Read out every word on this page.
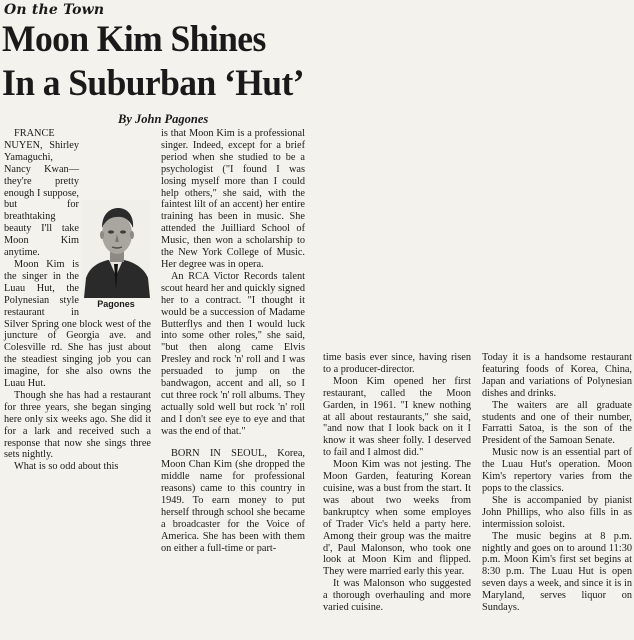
On the Town
Moon Kim Shines
In a Suburban ‘Hut’
By John Pagones

FRANCE NUYEN, Shirley Yamaguchi, Nancy Kwan—they're pretty enough I suppose, but for breathtaking beauty I'll take Moon Kim anytime.

Moon Kim is the singer in the Luau Hut, the Polynesian style restaurant in Silver Spring one block west of the juncture of Georgia ave. and Colesville rd. She has just about the steadiest singing job you can imagine, for she also owns the Luau Hut.

Though she has had a restaurant for three years, she began singing here only six weeks ago. She did it for a lark and received such a response that now she sings three sets nightly.

What is so odd about this

Pagones

is that Moon Kim is a professional singer. Indeed, except for a brief period when she studied to be a psychologist ("I found I was losing myself more than I could help others," she said, with the faintest lilt of an accent) her entire training has been in music. She attended the Juilliard School of Music, then won a scholarship to the New York College of Music. Her degree was in opera.

An RCA Victor Records talent scout heard her and quickly signed her to a contract. "I thought it would be a succession of Madame Butterflys and then I would luck into some other roles," she said, "but then along came Elvis Presley and rock 'n' roll and I was persuaded to jump on the bandwagon, accent and all, so I cut three rock 'n' roll albums. They actually sold well but rock 'n' roll and I don't see eye to eye and that was the end of that."

BORN IN SEOUL, Korea, Moon Chan Kim (she dropped the middle name for professional reasons) came to this country in 1949. To earn money to put herself through school she became a broadcaster for the Voice of America. She has been with them on either a full-time or part-

time basis ever since, having risen to a producer-director.

Moon Kim opened her first restaurant, called the Moon Garden, in 1961. "I knew nothing at all about restaurants," she said, "and now that I look back on it I know it was sheer folly. I deserved to fail and I almost did."

Moon Kim was not jesting. The Moon Garden, featuring Korean cuisine, was a bust from the start. It was about two weeks from bankruptcy when some employes of Trader Vic's held a party here. Among their group was the maitre d', Paul Malonson, who took one look at Moon Kim and flipped. They were married early this year.

It was Malonson who suggested a thorough overhauling and more varied cuisine.

Today it is a handsome restaurant featuring foods of Korea, China, Japan and variations of Polynesian dishes and drinks.

The waiters are all graduate students and one of their number, Farratti Satoa, is the son of the President of the Samoan Senate.

Music now is an essential part of the Luau Hut's operation. Moon Kim's repertory varies from the pops to the classics.

She is accompanied by pianist John Phillips, who also fills in as intermission soloist.

The music begins at 8 p.m. nightly and goes on to around 11:30 p.m. Moon Kim's first set begins at 8:30 p.m. The Luau Hut is open seven days a week, and since it is in Maryland, serves liquor on Sundays.
